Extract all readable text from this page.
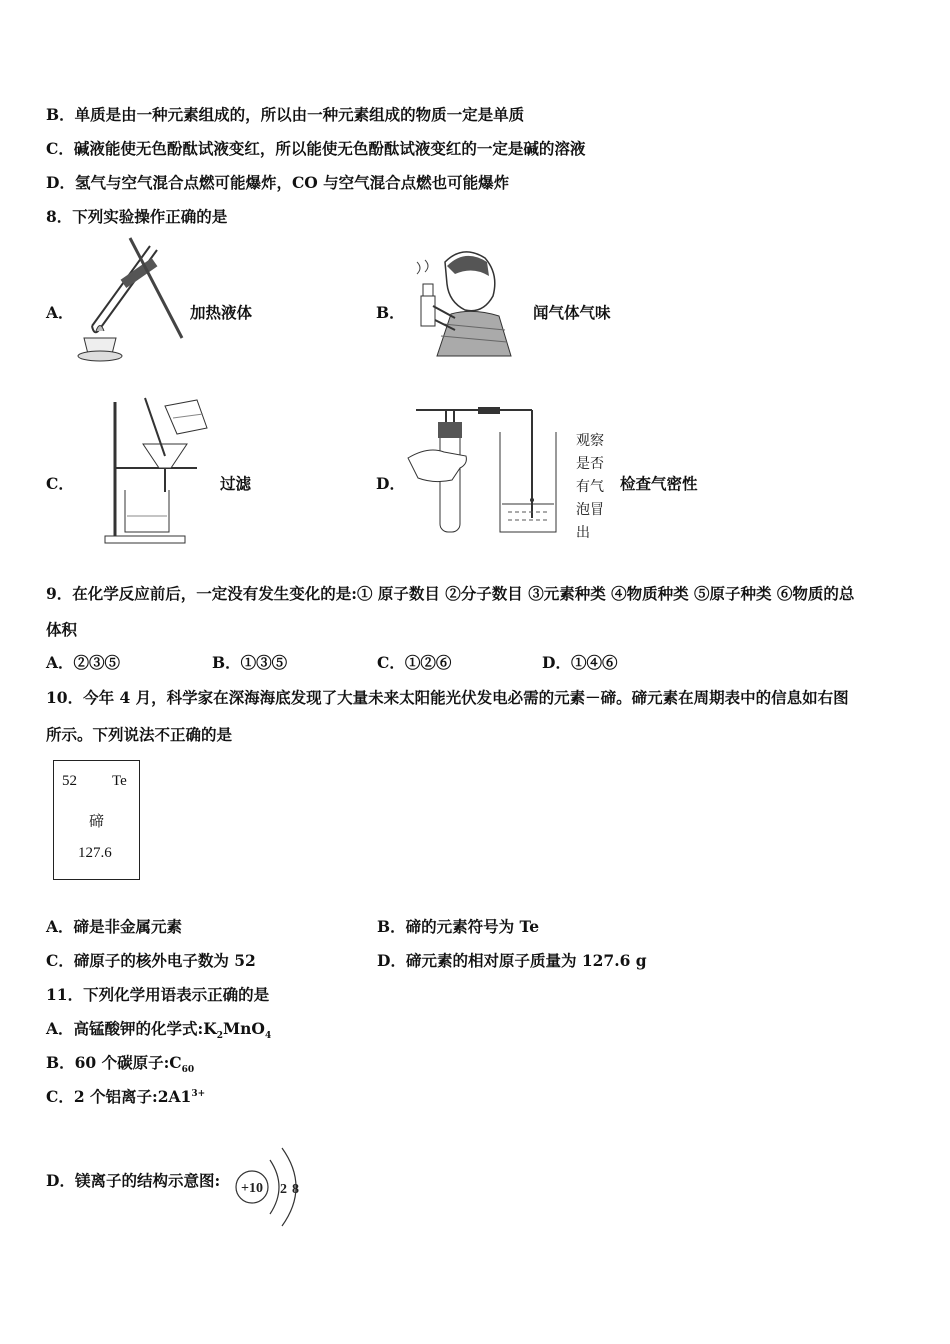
B．单质是由一种元素组成的，所以由一种元素组成的物质一定是单质
C．碱液能使无色酚酞试液变红，所以能使无色酚酞试液变红的一定是碱的溶液
D．氢气与空气混合点燃可能爆炸，CO 与空气混合点燃也可能爆炸
8．下列实验操作正确的是
A．	加热液体	B．	闻气体气味
C．	过滤	D．
观察
是否
有气
泡冒
出
检查气密性
9．在化学反应前后，一定没有发生变化的是:① 原子数目 ②分子数目 ③元素种类 ④物质种类 ⑤原子种类 ⑥物质的总
体积
A．②③⑤	B．①③⑤	C．①②⑥	D．①④⑥
10．今年 4 月，科学家在深海海底发现了大量未来太阳能光伏发电必需的元素－碲。碲元素在周期表中的信息如右图
所示。下列说法不正确的是
52 Te
碲
127.6
A．碲是非金属元素	B．碲的元素符号为 Te
C．碲原子的核外电子数为 52	D．碲元素的相对原子质量为 127.6 g
11．下列化学用语表示正确的是
A．高锰酸钾的化学式$:K_2MnO_4$
B．60 个碳原子$:C_{60}$
C．2 个铝离子$:2A1^{3+}$
D．镁离子的结构示意图: +10 2 8
